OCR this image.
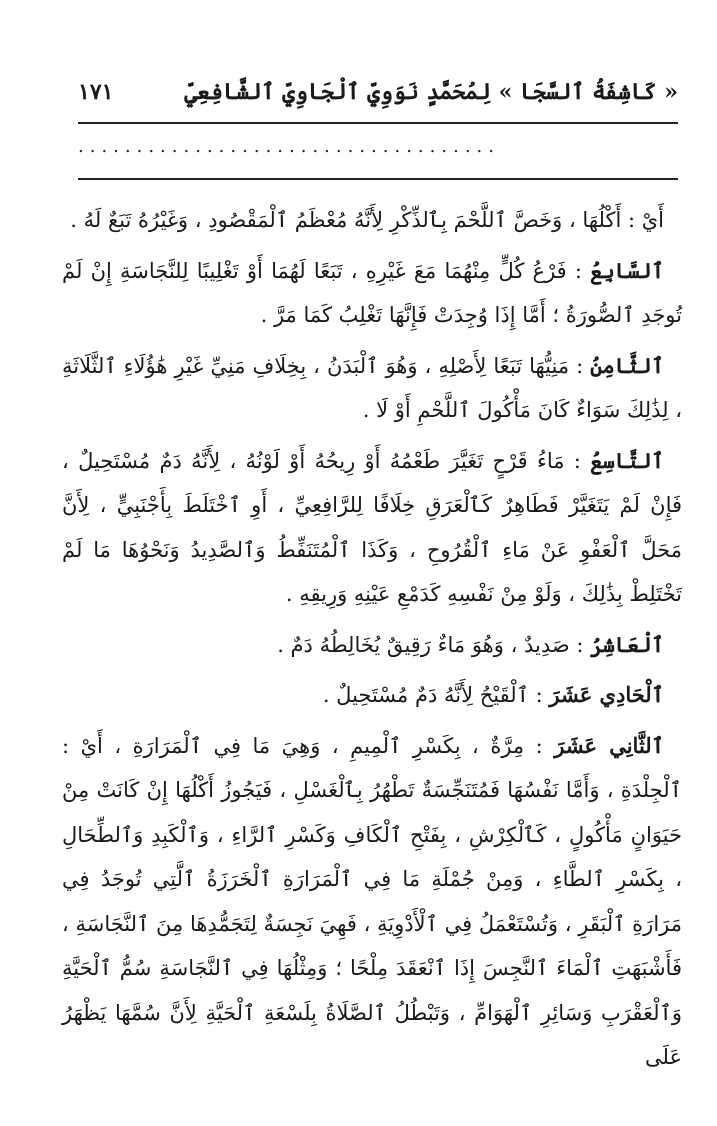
« كَاشِفَةُ ٱلسَّجَا » لِمُحَمَّدٍ نَوَوِيِّ ٱلْجَاوِيِّ ٱلشَّافِعِيِّ
١٧١
....................................

أَيْ : أَكْلُهَا ، وَخَصَّ ٱللَّحْمَ بِٱلذِّكْرِ لِأَنَّهُ مُعْظَمُ ٱلْمَقْصُودِ ، وَغَيْرُهُ تَبَعٌ لَهُ .

ٱلسَّابِعُ : فَرْعُ كُلٍّ مِنْهُمَا مَعَ غَيْرِهِ ، تَبَعًا لَهُمَا أَوْ تَغْلِيبًا لِلنَّجَاسَةِ إِنْ لَمْ تُوجَدِ ٱلصُّورَةُ ؛ أَمَّا إِذَا وُجِدَتْ فَإِنَّهَا تَغْلِبُ كَمَا مَرَّ .

ٱلثَّامِنُ : مَنِيُّهَا تَبَعًا لِأَصْلِهِ ، وَهُوَ ٱلْبَدَنُ ، بِخِلَافِ مَنِيِّ غَيْرِ هَٰؤُلَاءِ ٱلثَّلَاثَةِ ، لِذَٰلِكَ سَوَاءٌ كَانَ مَأْكُولَ ٱللَّحْمِ أَوْ لَا .

ٱلتَّاسِعُ : مَاءُ قَرْحٍ تَغَيَّرَ طَعْمُهُ أَوْ رِيحُهُ أَوْ لَوْنُهُ ، لِأَنَّهُ دَمٌ مُسْتَحِيلٌ ، فَإِنْ لَمْ يَتَغَيَّرْ فَطَاهِرٌ كَٱلْعَرَقِ خِلَافًا لِلرَّافِعِيِّ ، أَوِ ٱخْتَلَطَ بِأَجْنَبِيٍّ ، لِأَنَّ مَحَلَّ ٱلْعَفْوِ عَنْ مَاءِ ٱلْقُرُوحِ ، وَكَذَا ٱلْمُتَنَفِّطُ وَٱلصَّدِيدُ وَنَحْوُهَا مَا لَمْ تَخْتَلِطْ بِذَٰلِكَ ، وَلَوْ مِنْ نَفْسِهِ كَدَمْعِ عَيْنِهِ وَرِيقِهِ .

ٱلْعَاشِرُ : صَدِيدٌ ، وَهُوَ مَاءٌ رَقِيقٌ يُخَالِطُهُ دَمٌ .

ٱلْحَادِي عَشَرَ : ٱلْقَيْحُ لِأَنَّهُ دَمٌ مُسْتَحِيلٌ .

ٱلثَّانِي عَشَرَ : مِرَّةٌ ، بِكَسْرِ ٱلْمِيمِ ، وَهِيَ مَا فِي ٱلْمَرَارَةِ ، أَيْ : ٱلْجِلْدَةِ ، وَأَمَّا نَفْسُهَا فَمُتَنَجِّسَةٌ تَطْهُرُ بِٱلْغَسْلِ ، فَيَجُوزُ أَكْلُهَا إِنْ كَانَتْ مِنْ حَيَوَانٍ مَأْكُولٍ ، كَٱلْكِرْشِ ، بِفَتْحِ ٱلْكَافِ وَكَسْرِ ٱلرَّاءِ ، وَٱلْكَبِدِ وَٱلطِّحَالِ ، بِكَسْرِ ٱلطَّاءِ ، وَمِنْ جُمْلَةِ مَا فِي ٱلْمَرَارَةِ ٱلْخَرَزَةُ ٱلَّتِي تُوجَدُ فِي مَرَارَةِ ٱلْبَقَرِ ، وَتُسْتَعْمَلُ فِي ٱلْأَدْوِيَةِ ، فَهِيَ نَجِسَةٌ لِتَجَمُّدِهَا مِنَ ٱلنَّجَاسَةِ ، فَأَشْبَهَتِ ٱلْمَاءَ ٱلنَّجِسَ إِذَا ٱنْعَقَدَ مِلْحًا ؛ وَمِثْلُهَا فِي ٱلنَّجَاسَةِ سُمُّ ٱلْحَيَّةِ وَٱلْعَقْرَبِ وَسَائِرِ ٱلْهَوَامِّ ، وَتَبْطُلُ ٱلصَّلَاةُ بِلَسْعَةِ ٱلْحَيَّةِ لِأَنَّ سُمَّهَا يَظْهَرُ عَلَى
